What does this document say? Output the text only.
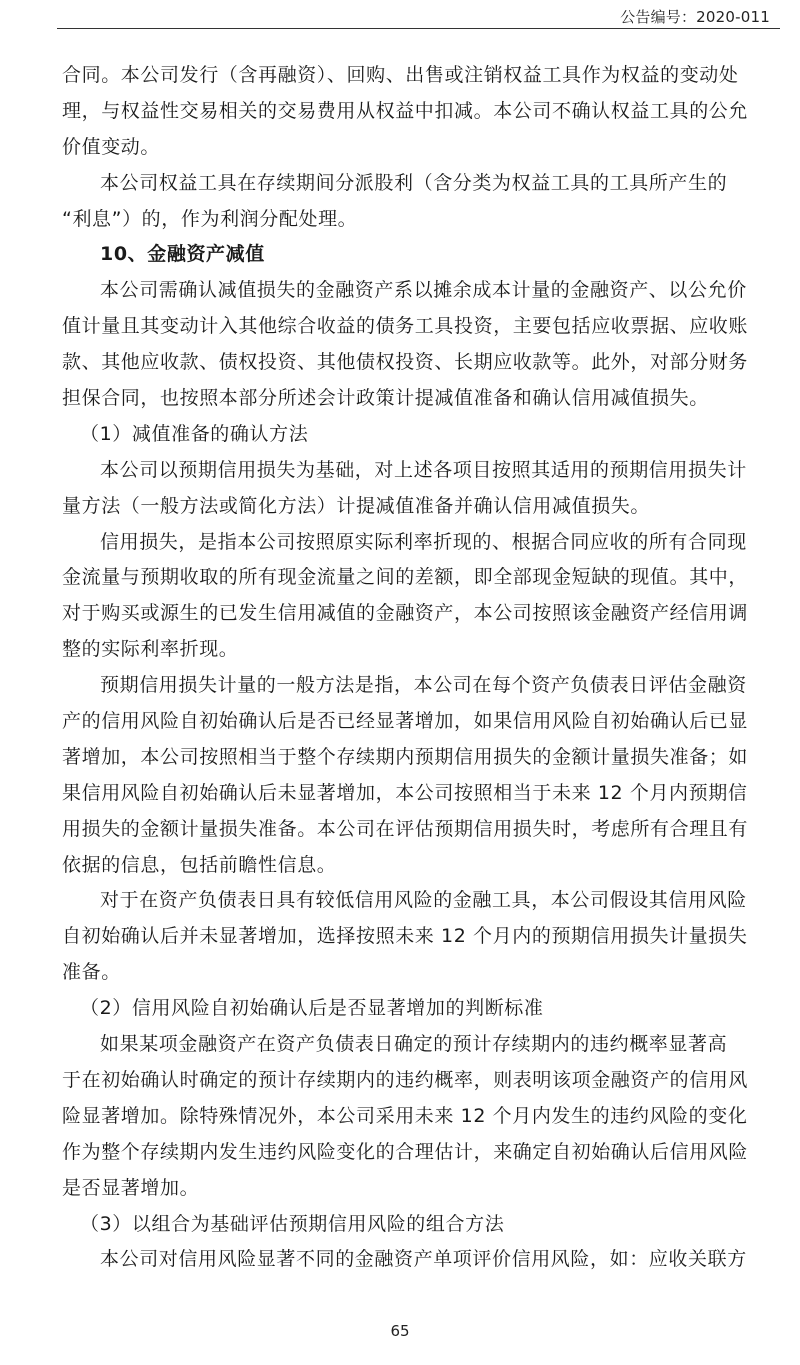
公告编号：2020-011
合同。本公司发行（含再融资）、回购、出售或注销权益工具作为权益的变动处
理，与权益性交易相关的交易费用从权益中扣减。本公司不确认权益工具的公允
价值变动。
本公司权益工具在存续期间分派股利（含分类为权益工具的工具所产生的
“利息”）的，作为利润分配处理。
10、金融资产减值
本公司需确认减值损失的金融资产系以摊余成本计量的金融资产、以公允价
值计量且其变动计入其他综合收益的债务工具投资，主要包括应收票据、应收账
款、其他应收款、债权投资、其他债权投资、长期应收款等。此外，对部分财务
担保合同，也按照本部分所述会计政策计提减值准备和确认信用减值损失。
（1）减值准备的确认方法
本公司以预期信用损失为基础，对上述各项目按照其适用的预期信用损失计
量方法（一般方法或简化方法）计提减值准备并确认信用减值损失。
信用损失，是指本公司按照原实际利率折现的、根据合同应收的所有合同现
金流量与预期收取的所有现金流量之间的差额，即全部现金短缺的现值。其中，
对于购买或源生的已发生信用减值的金融资产，本公司按照该金融资产经信用调
整的实际利率折现。
预期信用损失计量的一般方法是指，本公司在每个资产负债表日评估金融资
产的信用风险自初始确认后是否已经显著增加，如果信用风险自初始确认后已显
著增加，本公司按照相当于整个存续期内预期信用损失的金额计量损失准备；如
果信用风险自初始确认后未显著增加，本公司按照相当于未来 12 个月内预期信
用损失的金额计量损失准备。本公司在评估预期信用损失时，考虑所有合理且有
依据的信息，包括前瞻性信息。
对于在资产负债表日具有较低信用风险的金融工具，本公司假设其信用风险
自初始确认后并未显著增加，选择按照未来 12 个月内的预期信用损失计量损失
准备。
（2）信用风险自初始确认后是否显著增加的判断标准
如果某项金融资产在资产负债表日确定的预计存续期内的违约概率显著高
于在初始确认时确定的预计存续期内的违约概率，则表明该项金融资产的信用风
险显著增加。除特殊情况外，本公司采用未来 12 个月内发生的违约风险的变化
作为整个存续期内发生违约风险变化的合理估计，来确定自初始确认后信用风险
是否显著增加。
（3）以组合为基础评估预期信用风险的组合方法
本公司对信用风险显著不同的金融资产单项评价信用风险，如：应收关联方
65
